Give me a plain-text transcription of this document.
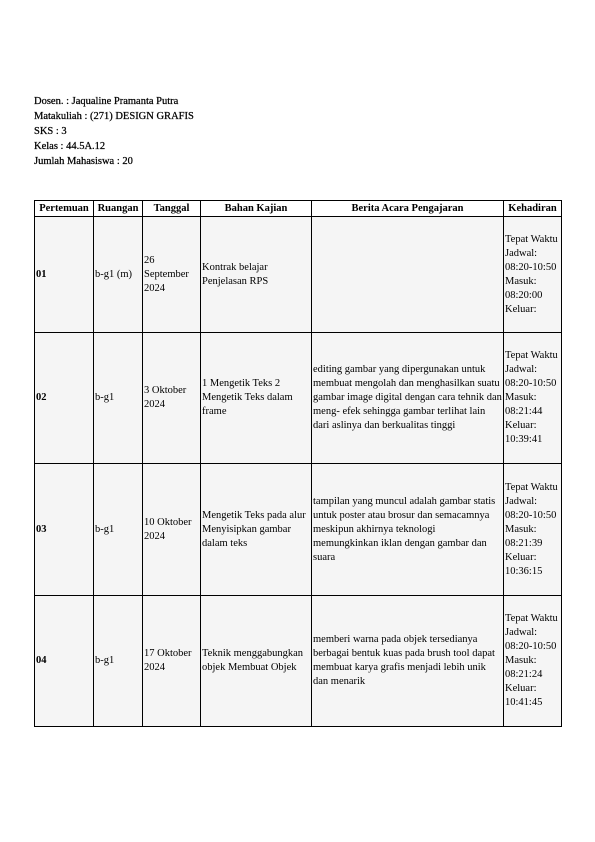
Dosen. : Jaqualine Pramanta Putra
Matakuliah : (271) DESIGN GRAFIS
SKS : 3
Kelas : 44.5A.12
Jumlah Mahasiswa : 20
Pertemuan	Ruangan	Tanggal	Bahan Kajian	Berita Acara Pengajaran	Kehadiran
01	b-g1 (m)	26 September 2024	Kontrak belajar Penjelasan RPS		Tepat Waktu Jadwal: 08:20-10:50 Masuk: 08:20:00 Keluar:
02	b-g1	3 Oktober 2024	1 Mengetik Teks 2 Mengetik Teks dalam frame	editing gambar yang dipergunakan untuk membuat mengolah dan menghasilkan suatu gambar image digital dengan cara tehnik dan meng- efek sehingga gambar terlihat lain dari aslinya dan berkualitas tinggi	Tepat Waktu Jadwal: 08:20-10:50 Masuk: 08:21:44 Keluar: 10:39:41
03	b-g1	10 Oktober 2024	Mengetik Teks pada alur Menyisipkan gambar dalam teks	tampilan yang muncul adalah gambar statis untuk poster atau brosur dan semacamnya meskipun akhirnya teknologi memungkinkan iklan dengan gambar dan suara	Tepat Waktu Jadwal: 08:20-10:50 Masuk: 08:21:39 Keluar: 10:36:15
04	b-g1	17 Oktober 2024	Teknik menggabungkan objek Membuat Objek	memberi warna pada objek tersedianya berbagai bentuk kuas pada brush tool dapat membuat karya grafis menjadi lebih unik dan menarik	Tepat Waktu Jadwal: 08:20-10:50 Masuk: 08:21:24 Keluar: 10:41:45
